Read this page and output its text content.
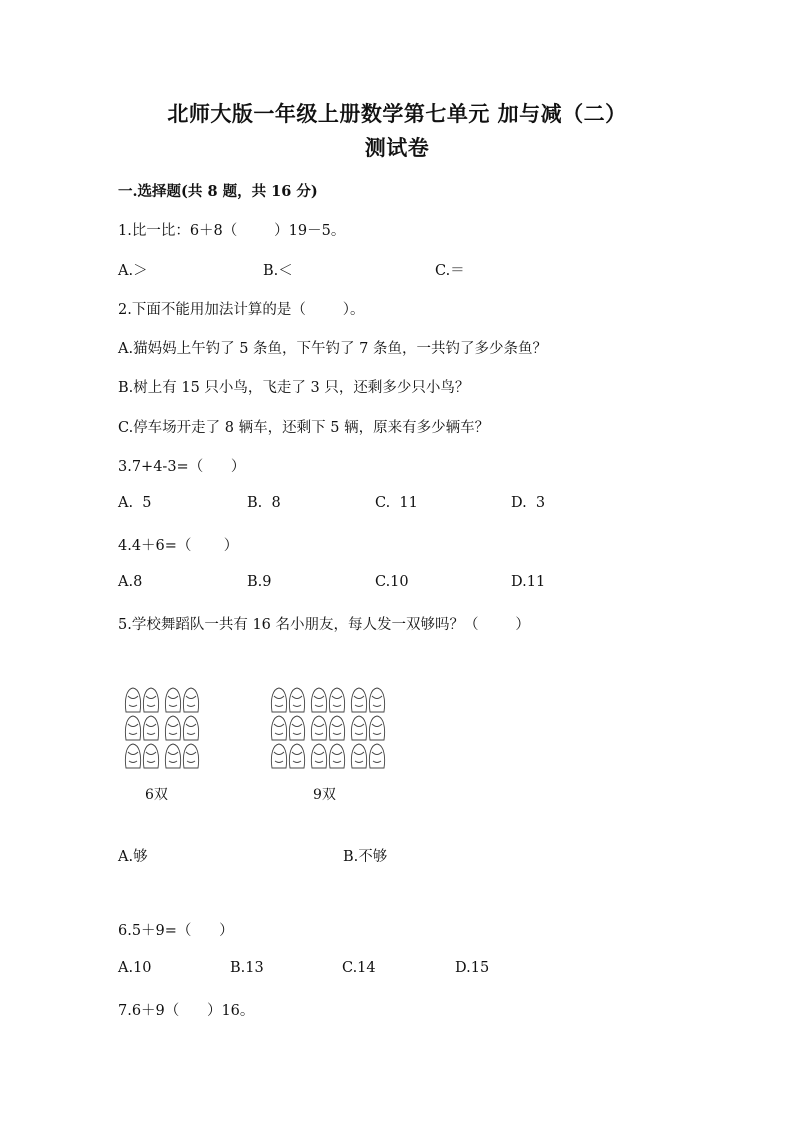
北师大版一年级上册数学第七单元 加与减（二）
测试卷
一.选择题(共 8 题，共 16 分)
1.比一比：6＋8（        ）19－5。
A.＞	B.＜	C.＝
2.下面不能用加法计算的是（        ）。
A.猫妈妈上午钓了 5 条鱼，下午钓了 7 条鱼，一共钓了多少条鱼？
B.树上有 15 只小鸟，飞走了 3 只，还剩多少只小鸟？
C.停车场开走了 8 辆车，还剩下 5 辆，原来有多少辆车？
3.7+4-3=（      ）
A.  5	B.  8	C.  11	D.  3
4.4＋6=（       ）
A.8	B.9	C.10	D.11
5.学校舞蹈队一共有 16 名小朋友，每人发一双够吗？（        ）
6双	9双
A.够	B.不够
6.5＋9=（      ）
A.10	B.13	C.14	D.15
7.6＋9（      ）16。
